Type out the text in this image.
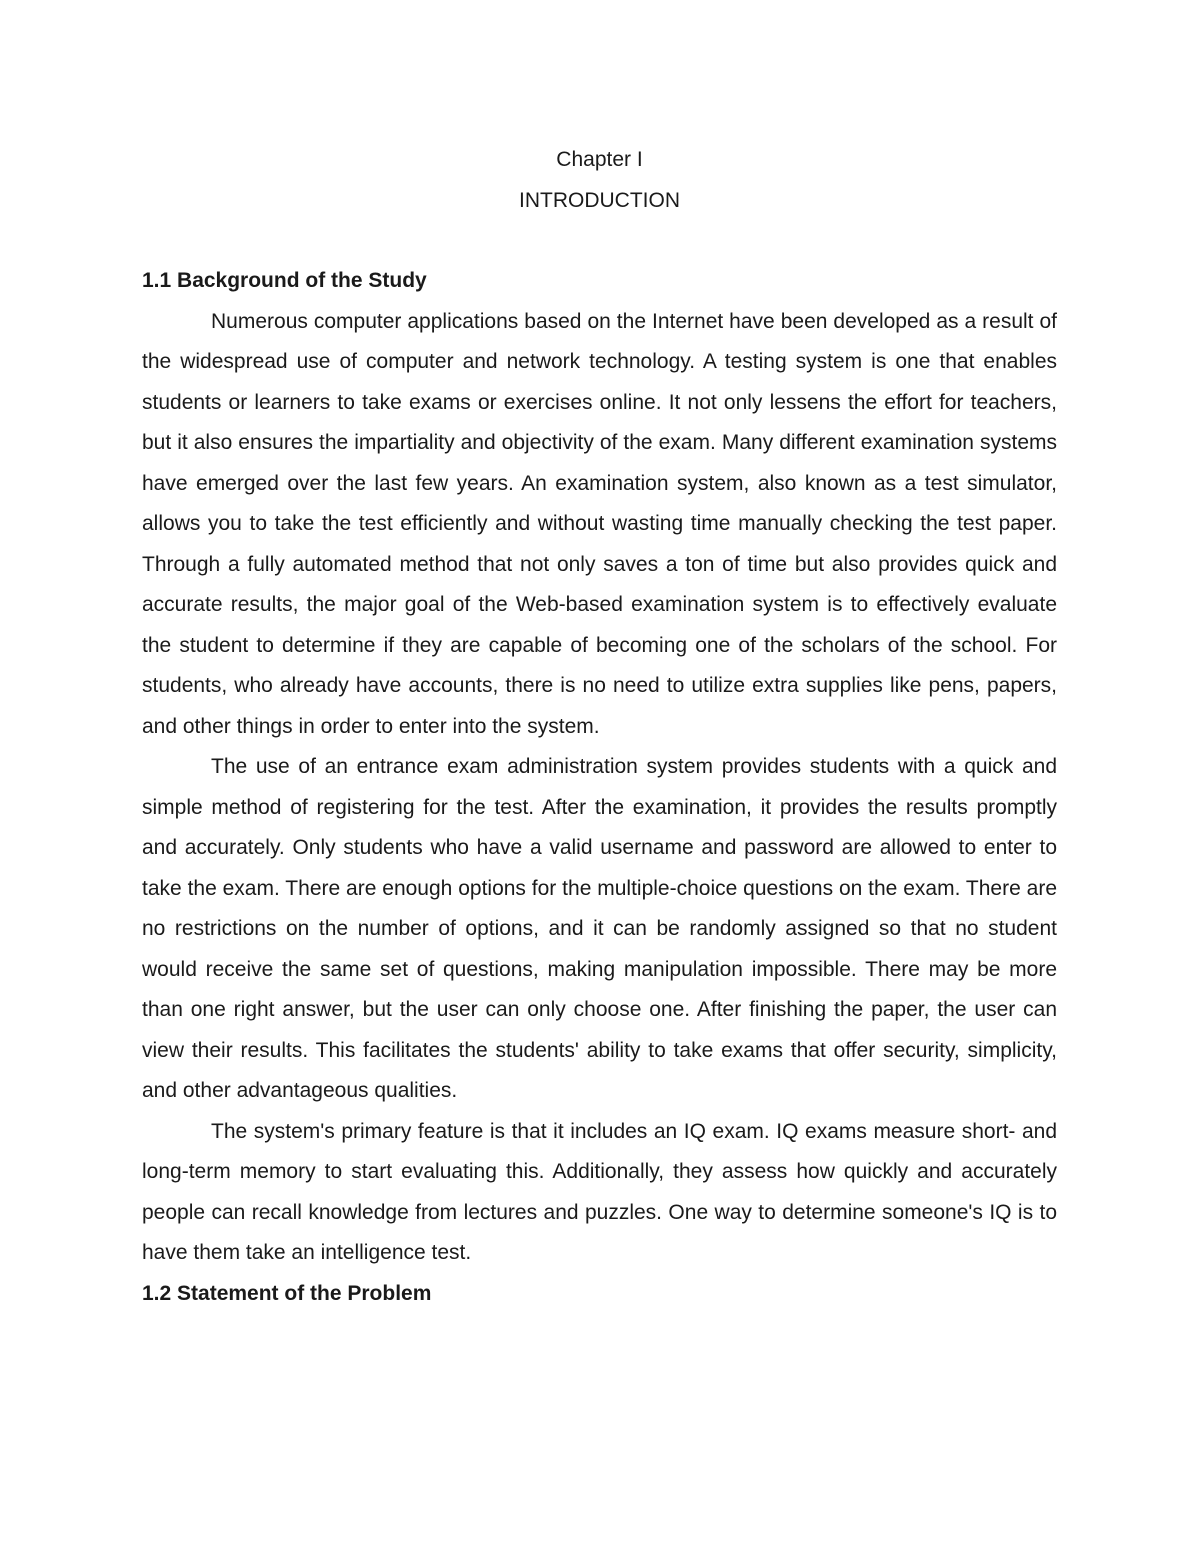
Chapter I

INTRODUCTION

1.1 Background of the Study

Numerous computer applications based on the Internet have been developed as a result of the widespread use of computer and network technology. A testing system is one that enables students or learners to take exams or exercises online. It not only lessens the effort for teachers, but it also ensures the impartiality and objectivity of the exam. Many different examination systems have emerged over the last few years. An examination system, also known as a test simulator, allows you to take the test efficiently and without wasting time manually checking the test paper. Through a fully automated method that not only saves a ton of time but also provides quick and accurate results, the major goal of the Web-based examination system is to effectively evaluate the student to determine if they are capable of becoming one of the scholars of the school. For students, who already have accounts, there is no need to utilize extra supplies like pens, papers, and other things in order to enter into the system.

The use of an entrance exam administration system provides students with a quick and simple method of registering for the test. After the examination, it provides the results promptly and accurately. Only students who have a valid username and password are allowed to enter to take the exam. There are enough options for the multiple-choice questions on the exam. There are no restrictions on the number of options, and it can be randomly assigned so that no student would receive the same set of questions, making manipulation impossible. There may be more than one right answer, but the user can only choose one. After finishing the paper, the user can view their results. This facilitates the students' ability to take exams that offer security, simplicity, and other advantageous qualities.

The system's primary feature is that it includes an IQ exam. IQ exams measure short- and long-term memory to start evaluating this. Additionally, they assess how quickly and accurately people can recall knowledge from lectures and puzzles. One way to determine someone's IQ is to have them take an intelligence test.

1.2 Statement of the Problem
